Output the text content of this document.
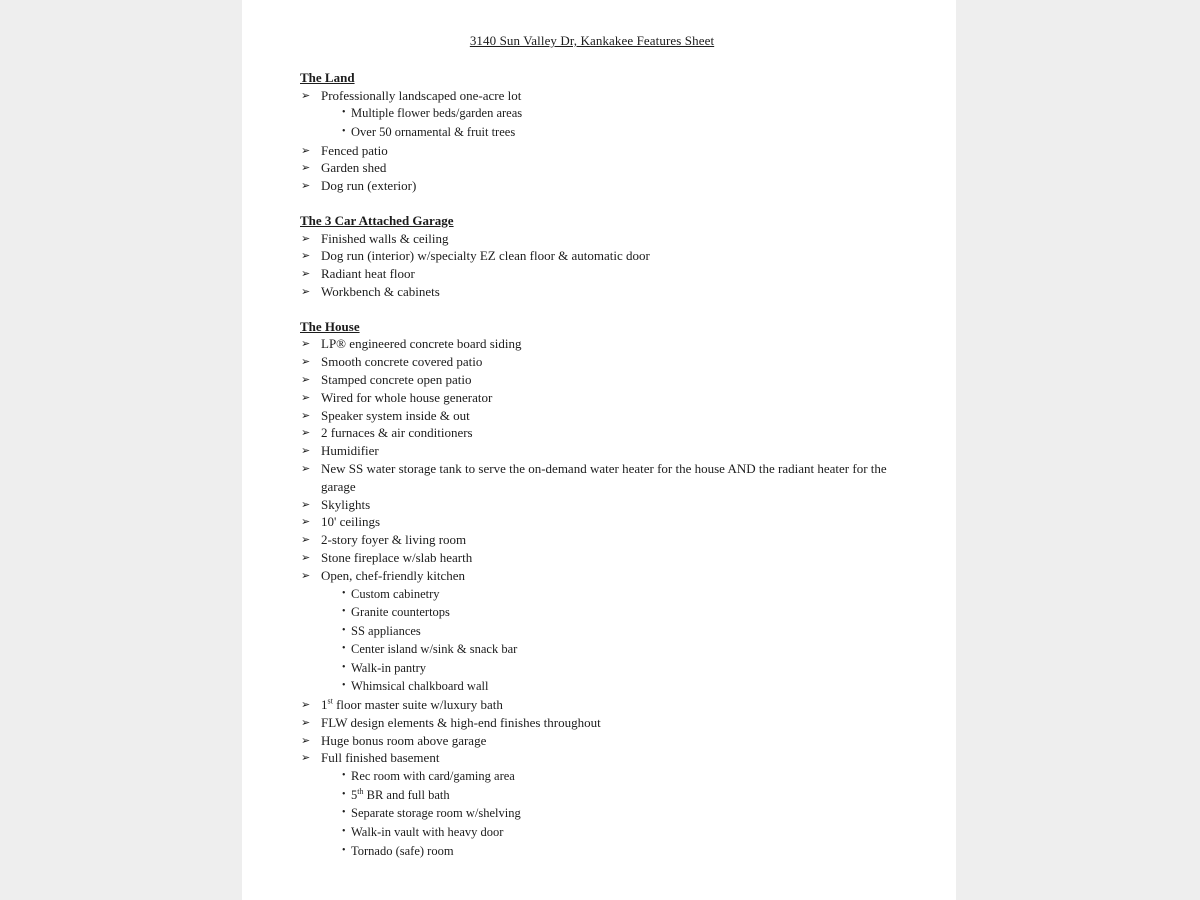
3140 Sun Valley Dr, Kankakee Features Sheet

The Land
➢ Professionally landscaped one-acre lot
• Multiple flower beds/garden areas
• Over 50 ornamental & fruit trees
➢ Fenced patio
➢ Garden shed
➢ Dog run (exterior)
The 3 Car Attached Garage
➢ Finished walls & ceiling
➢ Dog run (interior) w/specialty EZ clean floor & automatic door
➢ Radiant heat floor
➢ Workbench & cabinets
The House
➢ LP® engineered concrete board siding
➢ Smooth concrete covered patio
➢ Stamped concrete open patio
➢ Wired for whole house generator
➢ Speaker system inside & out
➢ 2 furnaces & air conditioners
➢ Humidifier
➢ New SS water storage tank to serve the on-demand water heater for the house AND the radiant heater for the garage
➢ Skylights
➢ 10' ceilings
➢ 2-story foyer & living room
➢ Stone fireplace w/slab hearth
➢ Open, chef-friendly kitchen
• Custom cabinetry
• Granite countertops
• SS appliances
• Center island w/sink & snack bar
• Walk-in pantry
• Whimsical chalkboard wall
➢ 1st floor master suite w/luxury bath
➢ FLW design elements & high-end finishes throughout
➢ Huge bonus room above garage
➢ Full finished basement
• Rec room with card/gaming area
• 5th BR and full bath
• Separate storage room w/shelving
• Walk-in vault with heavy door
• Tornado (safe) room
